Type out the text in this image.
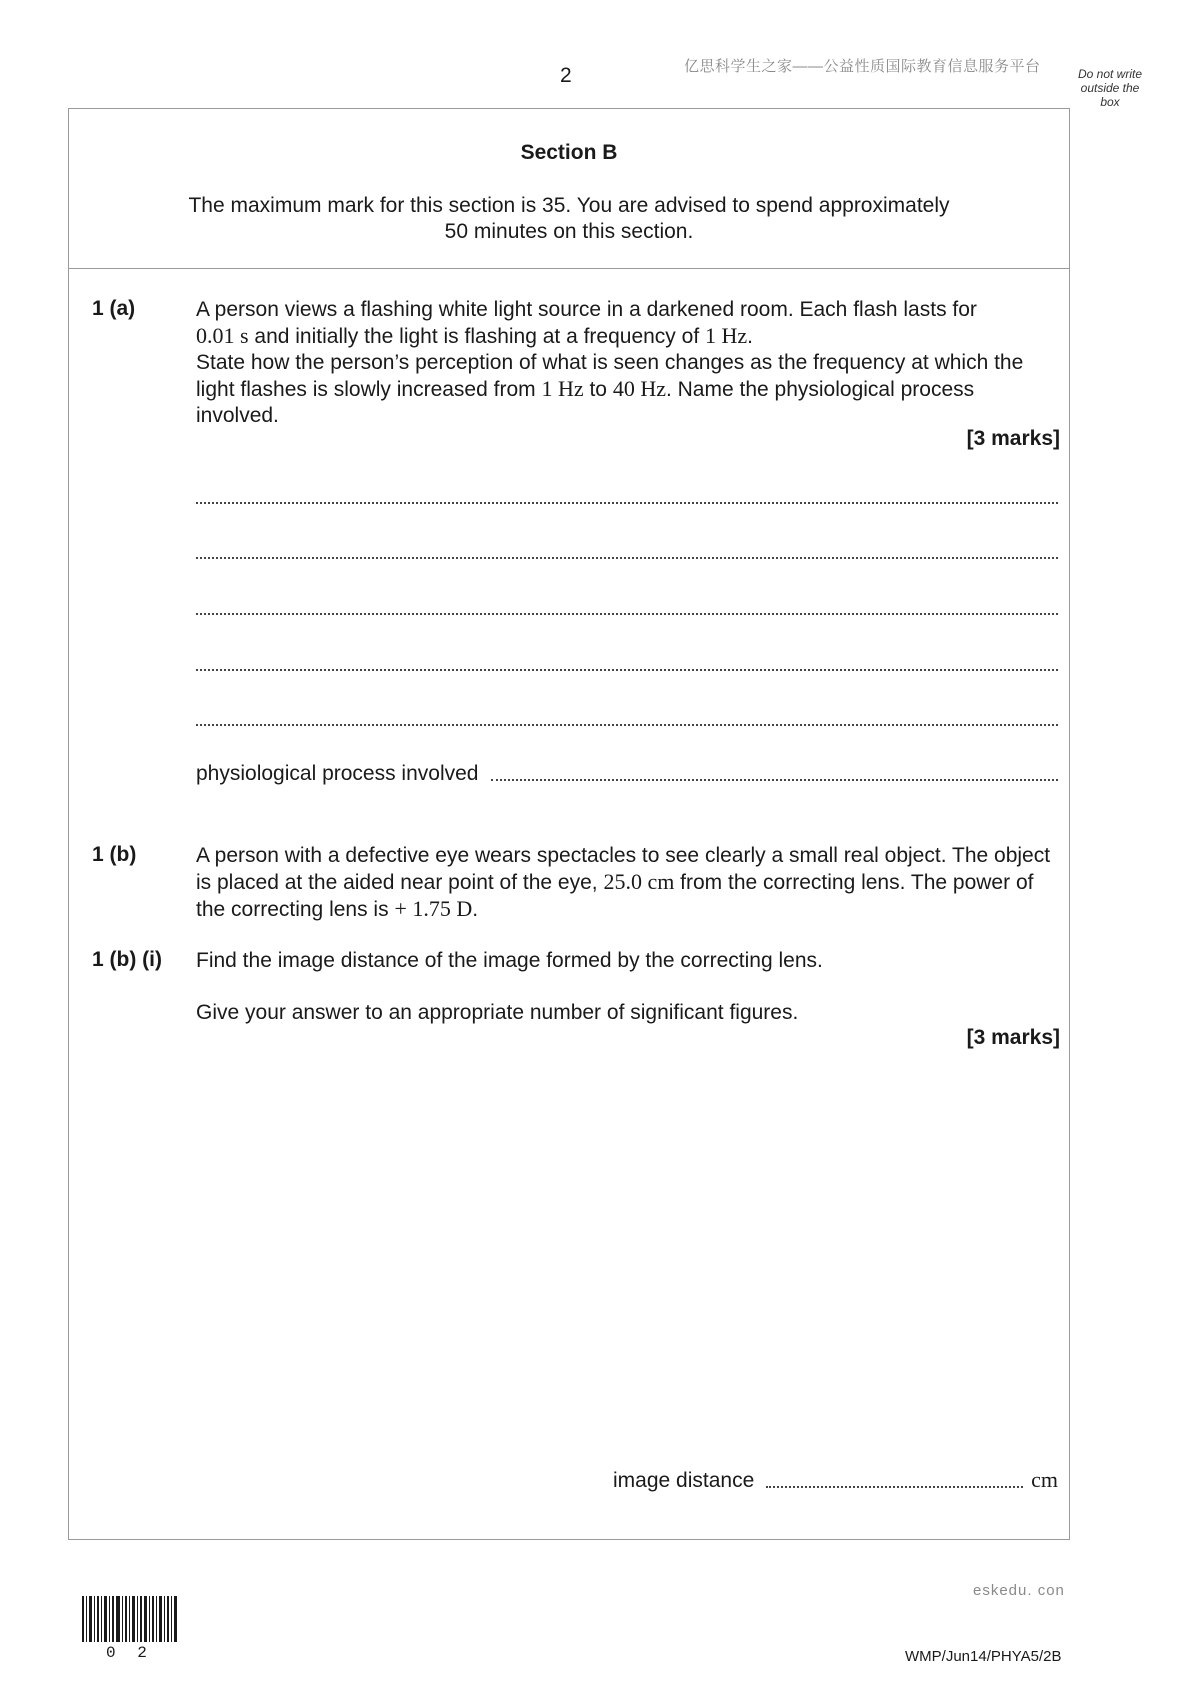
2	亿思科学生之家——公益性质国际教育信息服务平台	Do not write outside the box
Section B
The maximum mark for this section is 35. You are advised to spend approximately
50 minutes on this section.
1 (a)	A person views a flashing white light source in a darkened room. Each flash lasts for
0.01 s and initially the light is flashing at a frequency of 1 Hz.

State how the person’s perception of what is seen changes as the frequency at which the light flashes is slowly increased from 1 Hz to 40 Hz. Name the physiological process involved.

[3 marks]
physiological process involved
1 (b)	A person with a defective eye wears spectacles to see clearly a small real object. The object is placed at the aided near point of the eye, 25.0 cm from the correcting lens. The power of the correcting lens is + 1.75 D.

1 (b) (i) Find the image distance of the image formed by the correcting lens.
Give your answer to an appropriate number of significant figures.
[3 marks]
image distance	cm
eskedu. con
0 2	WMP/Jun14/PHYA5/2B
